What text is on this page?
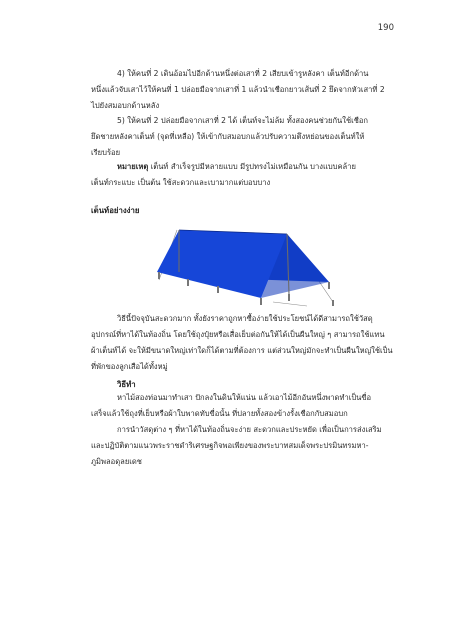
190
4) ให้คนที่ 2 เดินอ้อมไปอีกด้านหนึ่งต่อเสาที่ 2 เสียบเข้ารูหลังคา เต็นท์อีกด้าน
หนึ่งแล้วจับเสาไว้ให้คนที่ 1 ปล่อยมือจากเสาที่ 1 แล้วนำเชือกยาวเส้นที่ 2 ยึดจากหัวเสาที่ 2
ไปยังสมอบกด้านหลัง
5) ให้คนที่ 2 ปล่อยมือจากเสาที่ 2 ได้ เต็นท์จะไม่ล้ม ทั้งสองคนช่วยกันใช้เชือก
ยึดชายหลังคาเต็นท์ (จุดที่เหลือ) ให้เข้ากับสมอบกแล้วปรับความตึงหย่อนของเต็นท์ให้
เรียบร้อย
หมายเหตุ เต็นท์ สำเร็จรูปมีหลายแบบ มีรูปทรงไม่เหมือนกัน บางแบบคล้าย
เต็นท์กระแบะ เป็นต้น ใช้สะดวกและเบามากแต่บอบบาง
เต็นท์อย่างง่าย
วิธีนี้ปัจจุบันสะดวกมาก ทั้งยังราคาถูกหาซื้อง่ายใช้ประโยชน์ได้ดีสามารถใช้วัสดุ
อุปกรณ์ที่หาได้ในท้องถิ่น โดยใช้ถุงปุ๋ยหรือเสื่อเย็บต่อกันให้ได้เป็นผืนใหญ่ ๆ สามารถใช้แทน
ผ้าเต็นท์ได้ จะให้มีขนาดใหญ่เท่าใดก็ได้ตามที่ต้องการ แต่ส่วนใหญ่มักจะทำเป็นผืนใหญ่ใช้เป็น
ที่พักของลูกเสือได้ทั้งหมู่
วิธีทำ
หาไม้สองท่อนมาทำเสา ปักลงในดินให้แน่น แล้วเอาไม้อีกอันหนึ่งพาดทำเป็นขื่อ
เสร็จแล้วใช้ถุงที่เย็บหรือผ้าใบพาดทับขื่อนั้น ที่ปลายทั้งสองข้างรั้งเชือกกับสมอบก
การนำวัสดุต่าง ๆ ที่หาได้ในท้องถิ่นจะง่าย สะดวกและประหยัด เพื่อเป็นการส่งเสริม
และปฏิบัติตามแนวพระราชดำริเศรษฐกิจพอเพียงของพระบาทสมเด็จพระปรมินทรมหา-
ภูมิพลอดุลยเดช
